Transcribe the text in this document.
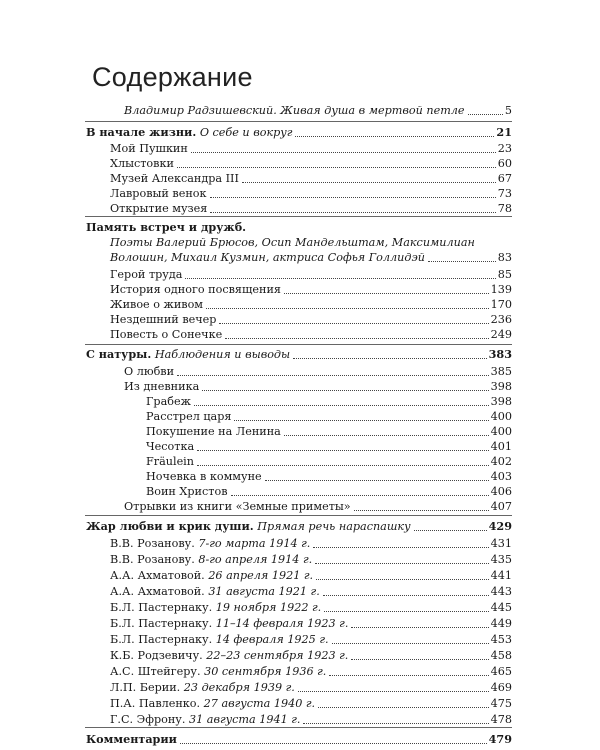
Содержание
Владимир Радзишевский. Живая душа в мертвой петле	5
В начале жизни. О себе и вокруг	21
Мой Пушкин	23
Хлыстовки	60
Музей Александра III	67
Лавровый венок	73
Открытие музея	78
Память встреч и дружб.
Поэты Валерий Брюсов, Осип Мандельштам, Максимилиан
Волошин, Михаил Кузмин, актриса Софья Голлидэй	83
Герой труда	85
История одного посвящения	139
Живое о живом	170
Нездешний вечер	236
Повесть о Сонечке	249
С натуры. Наблюдения и выводы	383
О любви	385
Из дневника	398
Грабеж	398
Расстрел царя	400
Покушение на Ленина	400
Чесотка	401
Fräulein	402
Ночевка в коммуне	403
Воин Христов	406
Отрывки из книги «Земные приметы»	407
Жар любви и крик души. Прямая речь нараспашку	429
В.В. Розанову. 7-го марта 1914 г.	431
В.В. Розанову. 8-го апреля 1914 г.	435
А.А. Ахматовой. 26 апреля 1921 г.	441
А.А. Ахматовой. 31 августа 1921 г.	443
Б.Л. Пастернаку. 19 ноября 1922 г.	445
Б.Л. Пастернаку. 11–14 февраля 1923 г.	449
Б.Л. Пастернаку. 14 февраля 1925 г.	453
К.Б. Родзевичу. 22–23 сентября 1923 г.	458
А.С. Штейгеру. 30 сентября 1936 г.	465
Л.П. Берии. 23 декабря 1939 г.	469
П.А. Павленко. 27 августа 1940 г.	475
Г.С. Эфрону. 31 августа 1941 г.	478
Комментарии	479
